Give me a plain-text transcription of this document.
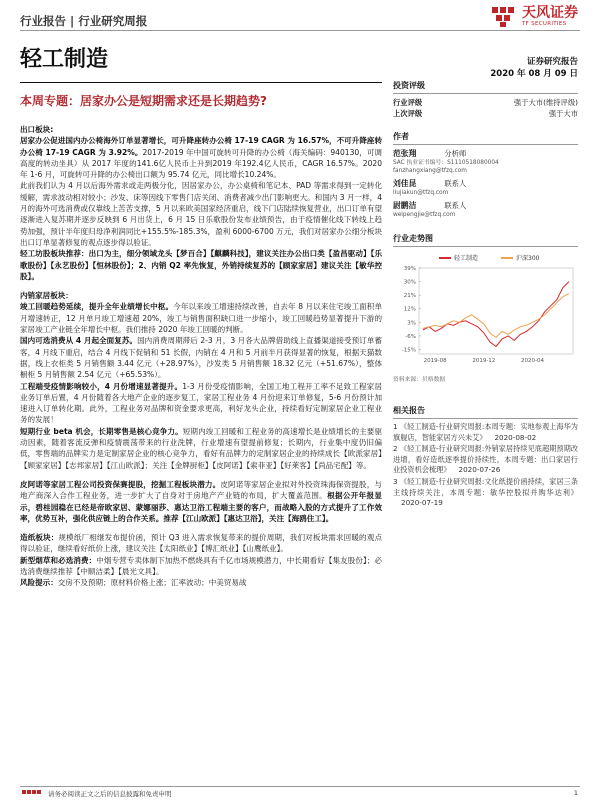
行业报告 | 行业研究周报	天风证券
TF SECURITIES
轻工制造	证券研究报告
2020 年 08 月 09 日
本周专题：居家办公是短期需求还是长期趋势?

出口板块:

居家办公促进国内办公椅海外订单显著增长，可升降座转办公椅 17-19 CAGR 为 16.57%，不可升降座转办公椅 17-19 CAGR 为 3.92%。2017-2019 年中国可旋转可升降的办公椅（海关编码：940130，可调高度的转动坐具）从 2017 年度的141.6亿人民币上升到2019 年192.4亿人民币，CAGR 16.57%。2020 年 1-6 月，可旋转可升降的办公椅出口额为 95.74 亿元，同比增长10.24%。

此前我们认为 4 月以后海外需求或走两极分化，因居家办公，办公桌椅和笔记本、PAD 等需求得到一定转化缓解，需求波动相对较小；沙发、床等因线下零售门店关闭、消费者减少出门影响更大。和国内 3 月一样，4 月的海外可选消费或仅靠线上苦苦支撑，5 月以来欧美国家经济重启，线下门店陆续恢复营业，出口订单有望逐渐进入复苏期并逐步反映到 6 月出货上，6 月 15 日乐歌股份发布业绩预告，由于疫情催化线下转线上趋势加强，预计半年度归母净利润同比+155.5%-185.3%，盈利 6000-6700 万元，我们对居家办公细分板块出口订单显著修复的观点逐步得以验证。

轻工坊股板块推荐：出口为主，细分领域龙头【梦百合】【麒麟科技】，建议关注办公出口类【盈昌驱动】【乐歌股份】【永艺股份】【恒林股份】；2、内销 Q2 率先恢复，外销持续复苏的【顾家家居】建议关注【敏华控股】。

内销家居板块：

竣工回暖趋势延续，提升全年业绩增长中枢。今年以来竣工增速持续改善，自去年 8 月以来住宅竣工面积单月增速转正，12 月单月竣工增速超 20%，竣工与销售面积缺口进一步缩小，竣工回暖趋势显著提升下游的家居竣工产业链全年增长中枢。我们推持 2020 年竣工回暖的判断。

国内可选消费从 4 月起全面复苏。国内消费周期滞后 2-3 月，3 月各大品牌借助线上直播渠道接受预订单蓄客，4 月线下重启，结合 4 月线下促销和 51 长假，内销在 4 月和 5 月前半月获得显著的恢复，根据天猫数据，线上衣柜类 5 月销售额 3.44 亿元（+28.97%），沙发类 5 月销售额 18.32 亿元（+51.67%），整体橱柜 5 月销售额 2.54 亿元（+65.53%）。

工程端受疫情影响较小，4 月份增速显著提升。1-3 月份受疫情影响，全国工地工程开工率不足致工程家居业务订单后置，4 月份随着各大地产企业的逐步复工，家居工程业务 4 月份迎来订单修复，5-6 月份预计加速进入订单转化期。此外，工程业务对品牌和资金要求更高，利好龙头企业，持续看好定制家居企业工程业务的发展！

短期行业 beta 机会，长期零售是核心竞争力。短期内竣工回暖和工程业务的高速增长是业绩增长的主要驱动因素，随着客流反弹和疫情震荡带来的行业洗牌，行业增速有望提前修复；长期内，行业集中度仍旧偏低，零售端的品牌实力是定制家居企业的核心竞争力，看好有品牌力的定制家居企业的持续成长【欧派家居】【顾家家居】【志邦家居】【江山欧派】；关注【金牌厨柜】【皮阿诺】【索菲亚】【好莱客】【尚品宅配】等。

皮阿诺等家居工程公司投资保赛提股，挖掘工程板块潜力。皮阿诺等家居企业拟对外投资珠海保资提股，与地产商深入合作工程业务，进一步扩大了自身对于房地产产业链的布局，扩大覆盖范围。根据公开年报显示，碧桂园稳在已经是帝欧家居、蒙娜丽莎、惠达卫浴工程端主要的客户，而战略入股的方式提升了工作效率，优势互补，强化供应链上的合作关系。推荐【江山欧派】【惠达卫浴】，关注【海鸥住工】。

造纸板块：规模纸厂相继发布提价函，预计 Q3 进入需求恢复带来的提价周期，我们对板块需求回暖的观点得以验证，继续看好纸价上涨，建议关注【太阳纸业】【博汇纸业】【山鹰纸业】。

新型烟草和必选消费：中烟专营专卖体制下加热不燃烧具有千亿市场规模潜力，中长期看好【集友股份】；必选消费继续推荐【中顺洁柔】【晨光文具】。

风险提示：交房不及预期；原材料价格上涨；汇率波动；中美贸易战

投资评级
行业评级	强于大市(维持评级)
上次评级	强于大市
作者
范张翔	分析师
SAC 执业证书编号：S1110518080004
fanzhangxiang@tfzq.com
刘佳昆	联系人
liujiakun@tfzq.com
尉鹏洁	联系人
weipengjie@tfzq.com
行业走势图
39%
30%
21%
12%
3%
-6%
-15%
2019-08	2019-12	2020-04
轻工制造	沪深300
资料来源：贝格数据
相关报告
1 《轻工制造-行业研究周报:本周专题：实地参观上海华为旗舰店，智能家居方兴未艾》 2020-08-02
2 《轻工制造-行业研究周报:外销家居持续见底超期预期改进增，看好造纸逐季提价持续性，本周专题：出口家居行业投资机会梳理》 2020-07-26
3 《轻工制造-行业研究周报:文化纸提价函持续，家居三条主线持续关注，本周专题：敏华控股拟并购华达利》2020-07-19
请务必阅读正文之后的信息披露和免责申明	1
